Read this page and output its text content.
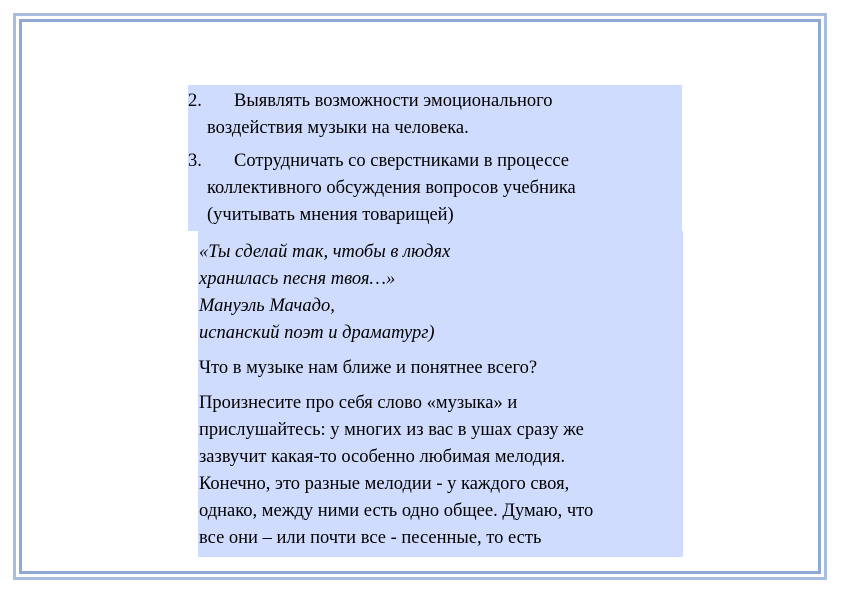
2.	Выявлять возможности эмоционального
воздействия музыки на человека.
3.	Сотрудничать со сверстниками в процессе
коллективного обсуждения вопросов учебника
(учитывать мнения товарищей)
«Ты сделай так, чтобы в людях
хранилась песня твоя…»
Мануэль Мачадо,
испанский поэт и драматург)
Что в музыке нам ближе и понятнее всего?
Произнесите про себя слово «музыка» и
прислушайтесь: у многих из вас в ушах сразу же
зазвучит какая-то особенно любимая мелодия.
Конечно, это разные мелодии - у каждого своя,
однако, между ними есть одно общее. Думаю, что
все они – или почти все - песенные, то есть
